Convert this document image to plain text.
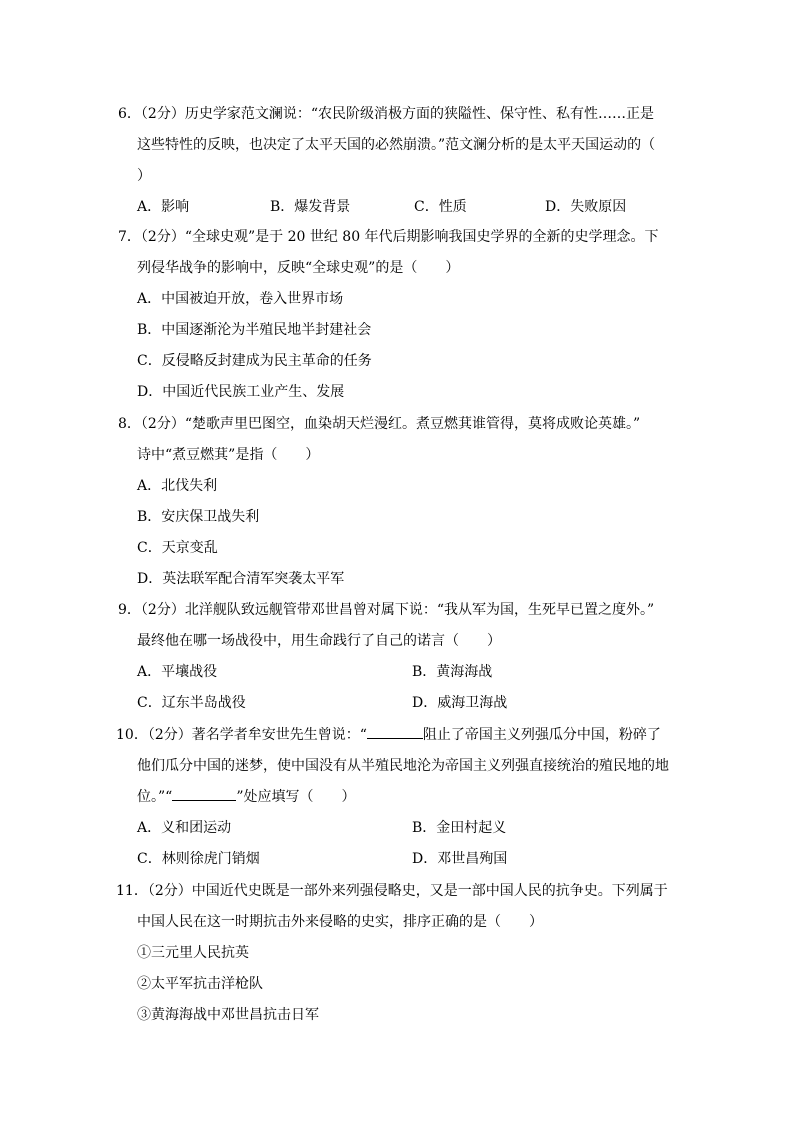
6．（2分）历史学家范文澜说：“农民阶级消极方面的狭隘性、保守性、私有性……正是
这些特性的反映，也决定了太平天国的必然崩溃。”范文澜分析的是太平天国运动的（
）
A．影响	B．爆发背景	C．性质	D．失败原因
7．（2分）“全球史观”是于 20 世纪 80 年代后期影响我国史学界的全新的史学理念。下
列侵华战争的影响中，反映“全球史观”的是（　　）
A．中国被迫开放，卷入世界市场
B．中国逐渐沦为半殖民地半封建社会
C．反侵略反封建成为民主革命的任务
D．中国近代民族工业产生、发展
8．（2分）“楚歌声里巴图空，血染胡天烂漫红。煮豆燃萁谁管得，莫将成败论英雄。”
诗中“煮豆燃萁”是指（　　）
A．北伐失利
B．安庆保卫战失利
C．天京变乱
D．英法联军配合清军突袭太平军
9．（2分）北洋舰队致远舰管带邓世昌曾对属下说：“我从军为国，生死早已置之度外。”
最终他在哪一场战役中，用生命践行了自己的诺言（　　）
A．平壤战役	B．黄海海战
C．辽东半岛战役	D．威海卫海战
10．（2分）著名学者牟安世先生曾说：“	阻止了帝国主义列强瓜分中国，粉碎了
他们瓜分中国的迷梦，使中国没有从半殖民地沦为帝国主义列强直接统治的殖民地的地
位。”“	”处应填写（　　）
A．义和团运动	B．金田村起义
C．林则徐虎门销烟	D．邓世昌殉国
11．（2分）中国近代史既是一部外来列强侵略史，又是一部中国人民的抗争史。下列属于
中国人民在这一时期抗击外来侵略的史实，排序正确的是（　　）
①三元里人民抗英
②太平军抗击洋枪队
③黄海海战中邓世昌抗击日军
